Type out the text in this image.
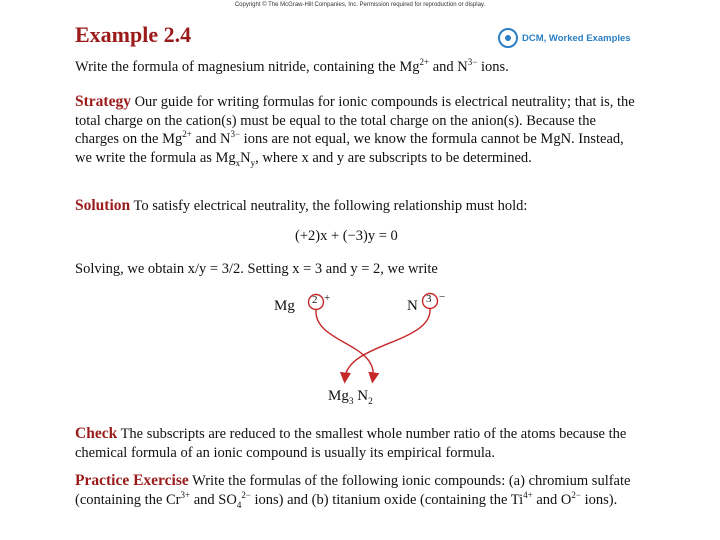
Copyright © The McGraw-Hill Companies, Inc. Permission required for reproduction or display.
Example 2.4	DCM, Worked Examples
Write the formula of magnesium nitride, containing the $Mg^{2+}$ and $N^{3-}$ ions.
Strategy Our guide for writing formulas for ionic compounds is electrical neutrality; that is, the total charge on the cation(s) must be equal to the total charge on the anion(s). Because the charges on the $Mg^{2+}$ and $N^{3-}$ ions are not equal, we know the formula cannot be MgN. Instead, we write the formula as $Mg_xN_y$, where x and y are subscripts to be determined.
Solution To satisfy electrical neutrality, the following relationship must hold:
(+2)x + (−3)y = 0
Solving, we obtain x/y = 3/2. Setting x = 3 and y = 2, we write
Mg 2 +	N 3 −
$Mg_3$ $N_2$
Check The subscripts are reduced to the smallest whole number ratio of the atoms because the chemical formula of an ionic compound is usually its empirical formula.
Practice Exercise Write the formulas of the following ionic compounds: (a) chromium sulfate (containing the $Cr^{3+}$ and $SO_4^{2-}$ ions) and (b) titanium oxide (containing the $Ti^{4+}$ and $O^{2-}$ ions).
